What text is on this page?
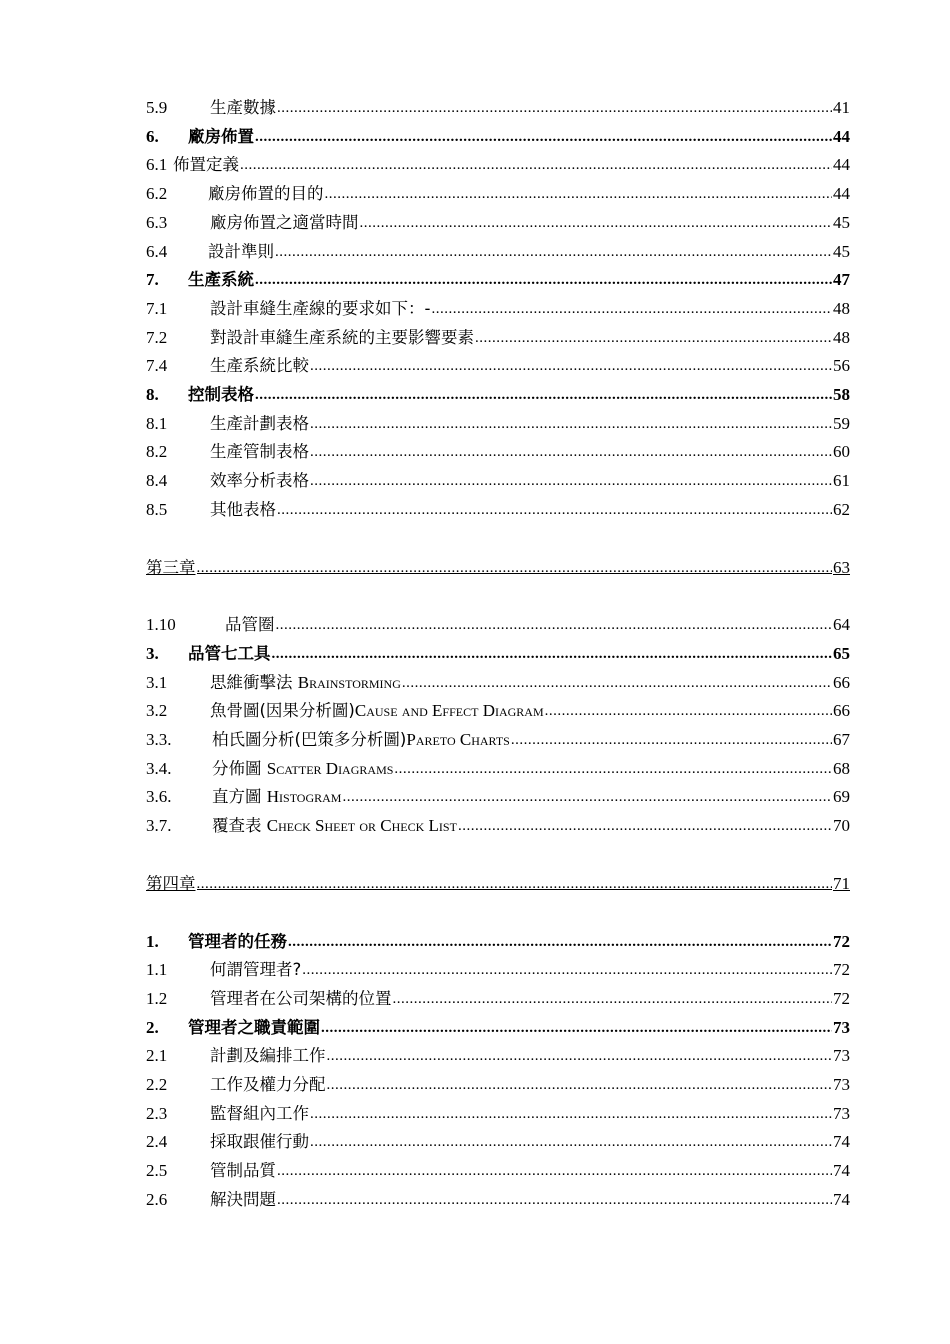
5.9	生產數據 .....	41
6.	廠房佈置 .....	44
6.1 佈置定義 .....	44
6.2	廠房佈置的目的 .....	44
6.3	廠房佈置之適當時間 .....	45
6.4	設計準則 .....	45
7.	生產系統 .....	47
7.1	設計車縫生產線的要求如下：- .....	48
7.2	對設計車縫生產系統的主要影響要素 .....	48
7.4	生產系統比較 .....	56
8.	控制表格 .....	58
8.1	生產計劃表格 .....	59
8.2	生產管制表格 .....	60
8.4	效率分析表格 .....	61
8.5	其他表格 .....	62
第三章 .....	63
1.10	品管圈 .....	64
3.	品管七工具 .....	65
3.1	思維衝擊法 Brainstorming .....	66
3.2	魚骨圖(因果分析圖)Cause and Effect Diagram .....	66
3.3.	柏氏圖分析(巴策多分析圖)Pareto Charts .....	67
3.4.	分佈圖 Scatter Diagrams .....	68
3.6.	直方圖 Histogram .....	69
3.7.	覆查表 Check Sheet or Check List .....	70
第四章 .....	71
1.	管理者的任務 .....	72
1.1	何謂管理者? .....	72
1.2	管理者在公司架構的位置 .....	72
2.	管理者之職責範圍 .....	73
2.1	計劃及編排工作 .....	73
2.2	工作及權力分配 .....	73
2.3	監督組內工作 .....	73
2.4	採取跟催行動 .....	74
2.5	管制品質 .....	74
2.6	解決問題 .....	74
